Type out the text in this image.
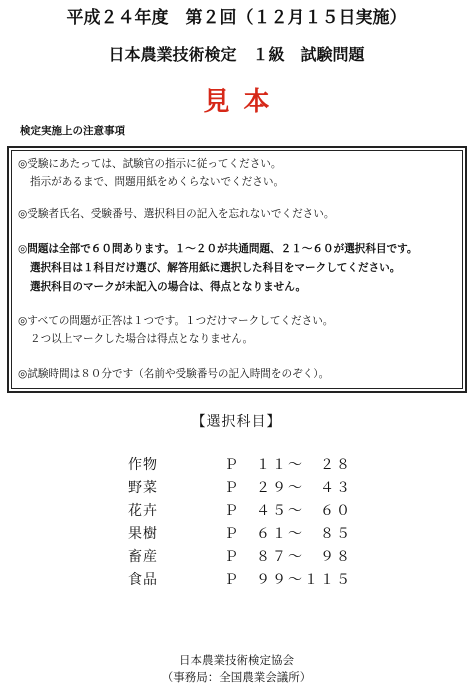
平成２４年度　第２回（１２月１５日実施）
日本農業技術検定　１級　試験問題
見本
検定実施上の注意事項
◎受験にあたっては、試験官の指示に従ってください。
指示があるまで、問題用紙をめくらないでください。
◎受験者氏名、受験番号、選択科目の記入を忘れないでください。
◎問題は全部で６０問あります。１～２０が共通問題、２１～６０が選択科目です。
選択科目は１科目だけ選び、解答用紙に選択した科目をマークしてください。
選択科目のマークが未記入の場合は、得点となりません。
◎すべての問題が正答は１つです。１つだけマークしてください。
２つ以上マークした場合は得点となりません。
◎試験時間は８０分です（名前や受験番号の記入時間をのぞく）。
【選択科目】
作物	Ｐ　１１～　２８
野菜	Ｐ　２９～　４３
花卉	Ｐ　４５～　６０
果樹	Ｐ　６１～　８５
畜産	Ｐ　８７～　９８
食品	Ｐ　９９～１１５
日本農業技術検定協会
（事務局：全国農業会議所）
